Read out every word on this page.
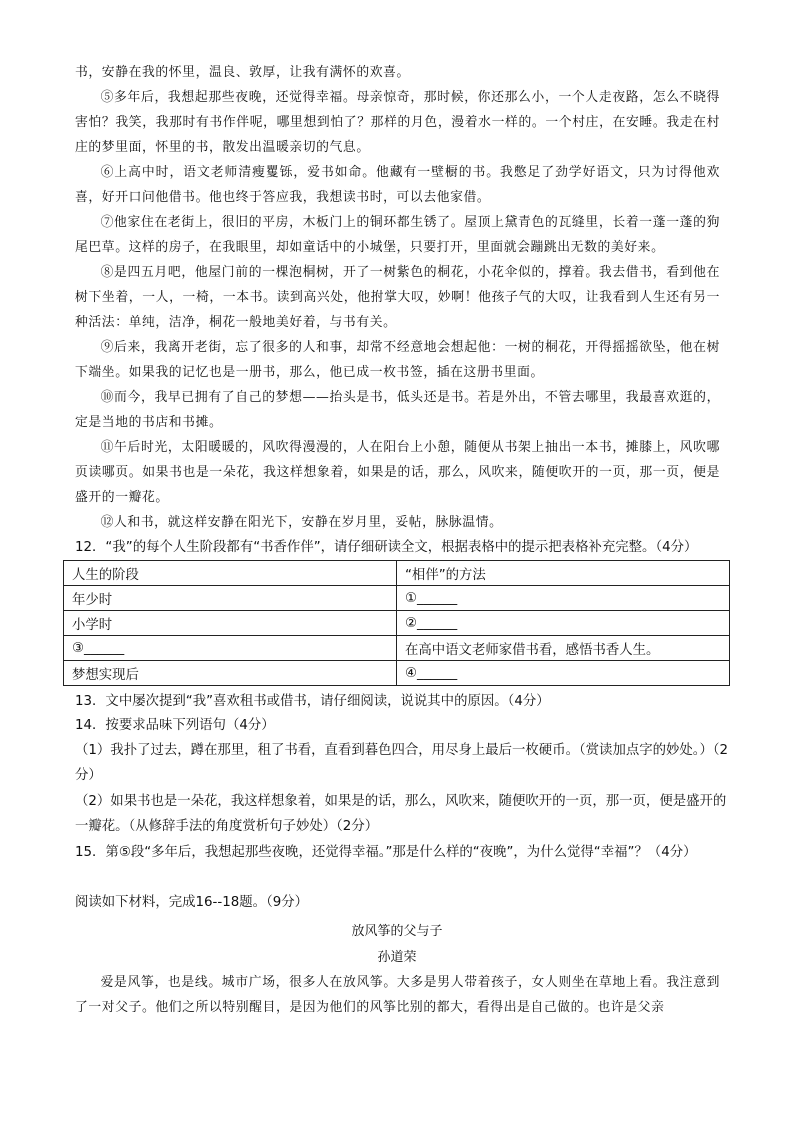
书，安静在我的怀里，温良、敦厚，让我有满怀的欢喜。

⑤多年后，我想起那些夜晚，还觉得幸福。母亲惊奇，那时候，你还那么小，一个人走夜路，怎么不晓得害怕？我笑，我那时有书作伴呢，哪里想到怕了？那样的月色，漫着水一样的。一个村庄，在安睡。我走在村庄的梦里面，怀里的书，散发出温暖亲切的气息。

⑥上高中时，语文老师清瘦矍铄，爱书如命。他藏有一壁橱的书。我憋足了劲学好语文，只为讨得他欢喜，好开口问他借书。他也终于答应我，我想读书时，可以去他家借。

⑦他家住在老街上，很旧的平房，木板门上的铜环都生锈了。屋顶上黛青色的瓦缝里，长着一蓬一蓬的狗尾巴草。这样的房子，在我眼里，却如童话中的小城堡，只要打开，里面就会蹦跳出无数的美好来。

⑧是四五月吧，他屋门前的一棵泡桐树，开了一树紫色的桐花，小花伞似的，撑着。我去借书，看到他在树下坐着，一人，一椅，一本书。读到高兴处，他拊掌大叹，妙啊！他孩子气的大叹，让我看到人生还有另一种活法：单纯，洁净，桐花一般地美好着，与书有关。

⑨后来，我离开老街，忘了很多的人和事，却常不经意地会想起他：一树的桐花，开得摇摇欲坠，他在树下端坐。如果我的记忆也是一册书，那么，他已成一枚书签，插在这册书里面。

⑩而今，我早已拥有了自己的梦想——抬头是书，低头还是书。若是外出，不管去哪里，我最喜欢逛的，定是当地的书店和书摊。

⑪午后时光，太阳暖暖的，风吹得漫漫的，人在阳台上小憩，随便从书架上抽出一本书，摊膝上，风吹哪页读哪页。如果书也是一朵花，我这样想象着，如果是的话，那么，风吹来，随便吹开的一页，那一页，便是盛开的一瓣花。

⑫人和书，就这样安静在阳光下，安静在岁月里，妥帖，脉脉温情。

12．“我”的每个人生阶段都有“书香作伴”，请仔细研读全文，根据表格中的提示把表格补充完整。（4分）

人生的阶段	“相伴”的方法
年少时	①______
小学时	②______
③______	在高中语文老师家借书看，感悟书香人生。
梦想实现后	④______

13．文中屡次提到“我”喜欢租书或借书，请仔细阅读，说说其中的原因。（4分）

14．按要求品味下列语句（4分）

（1）我扑了过去，蹲在那里，租了书看，直看到暮色四合，用尽身上最后一枚硬币。（赏读加点字的妙处。）（2分）

（2）如果书也是一朵花，我这样想象着，如果是的话，那么，风吹来，随便吹开的一页，那一页，便是盛开的一瓣花。（从修辞手法的角度赏析句子妙处）（2分）

15．第⑤段“多年后，我想起那些夜晚，还觉得幸福。”那是什么样的“夜晚”，为什么觉得“幸福”？（4分）

阅读如下材料，完成16--18题。（9分）

放风筝的父与子

孙道荣

爱是风筝，也是线。城市广场，很多人在放风筝。大多是男人带着孩子，女人则坐在草地上看。我注意到了一对父子。他们之所以特别醒目，是因为他们的风筝比别的都大，看得出是自己做的。也许是父亲
